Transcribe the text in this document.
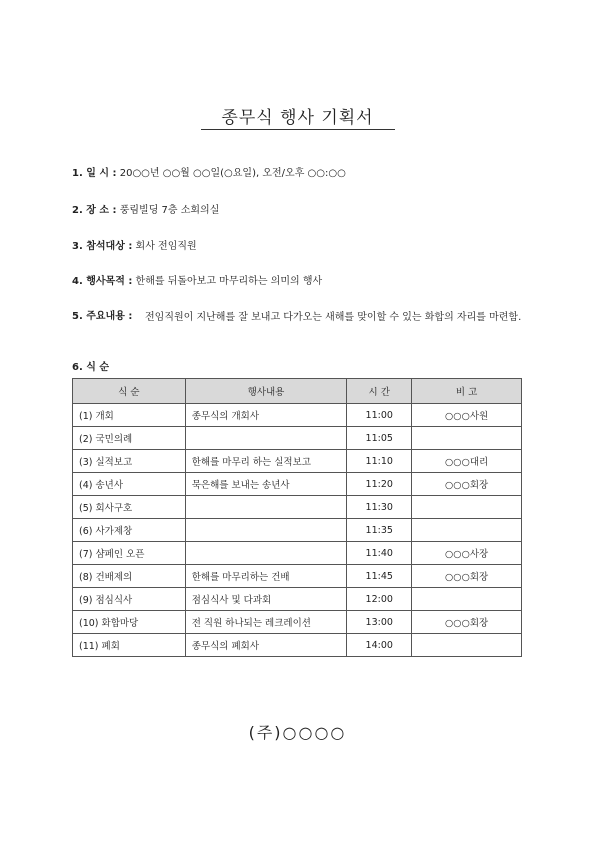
종무식 행사 기획서
1. 일 시 : 20○○년 ○○월 ○○일(○요일), 오전/오후 ○○:○○
2. 장 소 : 풍림빌딩 7층 소회의실
3. 참석대상 : 회사 전임직원
4. 행사목적 : 한해를 뒤돌아보고 마무리하는 의미의 행사
5. 주요내용 : 전임직원이 지난해를 잘 보내고 다가오는 새해를 맞이할 수 있는 화합의 자리를 마련함.
6. 식 순
식 순	행사내용	시 간	비 고
(1) 개회	종무식의 개회사	11:00	○○○사원
(2) 국민의례		11:05	
(3) 실적보고	한해를 마무리 하는 실적보고	11:10	○○○대리
(4) 송년사	묵은해를 보내는 송년사	11:20	○○○회장
(5) 회사구호		11:30	
(6) 사가제창		11:35	
(7) 샴페인 오픈		11:40	○○○사장
(8) 건배제의	한해를 마무리하는 건배	11:45	○○○회장
(9) 점심식사	점심식사 및 다과회	12:00	
(10) 화합마당	전 직원 하나되는 레크레이션	13:00	○○○회장
(11) 폐회	종무식의 폐회사	14:00	
(주)○○○○
